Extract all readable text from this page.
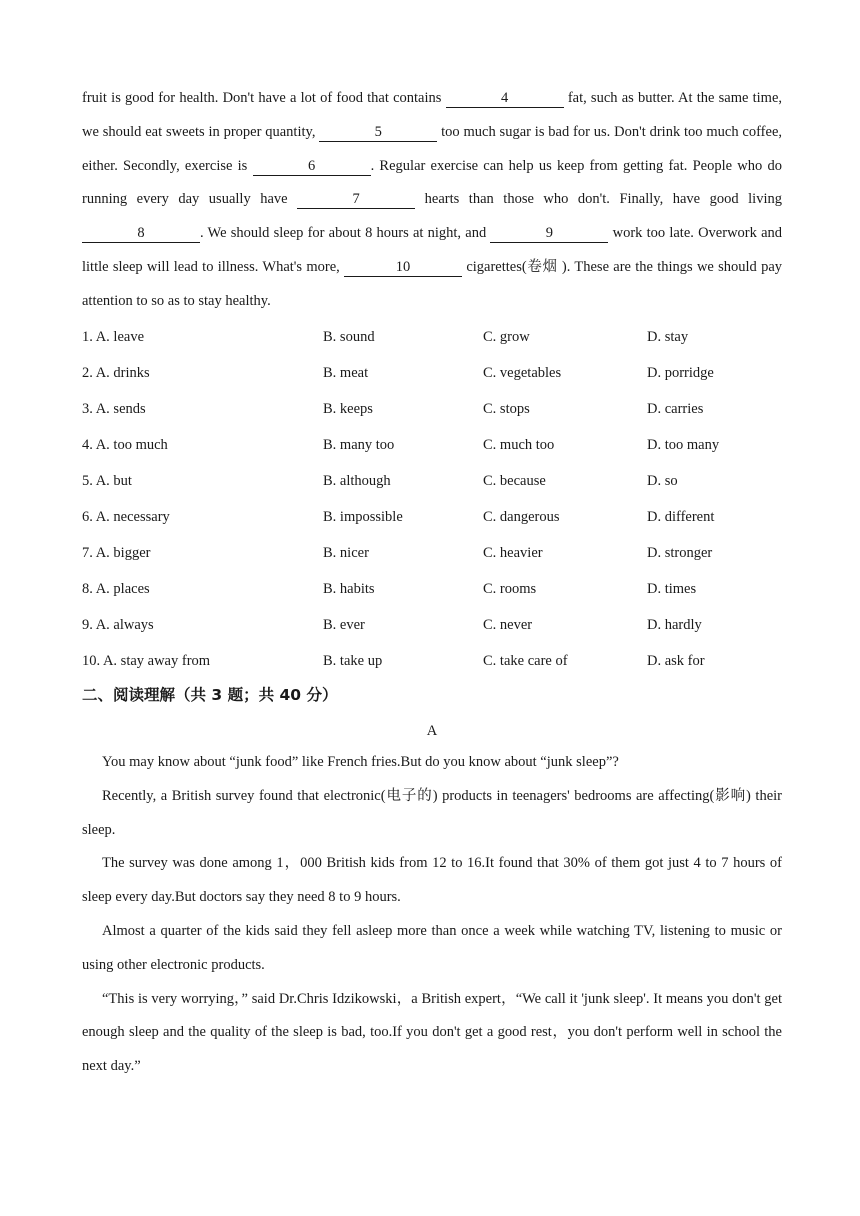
fruit is good for health. Don't have a lot of food that contains	4	fat, such as butter. At the same time, we should eat sweets in proper quantity,	5	too much sugar is bad for us. Don't drink too much coffee, either. Secondly, exercise is	6	. Regular exercise can help us keep from getting fat. People who do running every day usually have	7	hearts than those who don't. Finally, have good living 8	. We should sleep for about 8 hours at night, and	9	work too late. Overwork and little sleep will lead to illness. What's more,	10	cigarettes(卷烟 ). These are the things we should pay attention to so as to stay healthy.
1. A. leave	B. sound	C. grow	D. stay
2. A. drinks	B. meat	C. vegetables	D. porridge
3. A. sends	B. keeps	C. stops	D. carries
4. A. too much	B. many too	C. much too	D. too many
5. A. but	B. although	C. because	D. so
6. A. necessary	B. impossible	C. dangerous	D. different
7. A. bigger	B. nicer	C. heavier	D. stronger
8. A. places	B. habits	C. rooms	D. times
9. A. always	B. ever	C. never	D. hardly
10. A. stay away from	B. take up	C. take care of	D. ask for
二、阅读理解（共 3 题；共 40 分）
A

You may know about “junk food” like French fries.But do you know about “junk sleep”?

Recently, a British survey found that electronic(电子的) products in teenagers' bedrooms are affecting(影响) their sleep.

The survey was done among 1，000 British kids from 12 to 16.It found that 30% of them got just 4 to 7 hours of sleep every day.But doctors say they need 8 to 9 hours.

Almost a quarter of the kids said they fell asleep more than once a week while watching TV, listening to music or using other electronic products.

“This is very worrying，” said Dr.Chris Idzikowski，a British expert，“We call it 'junk sleep'. It means you don't get enough sleep and the quality of the sleep is bad, too.If you don't get a good rest，you don't perform well in school the next day.”
